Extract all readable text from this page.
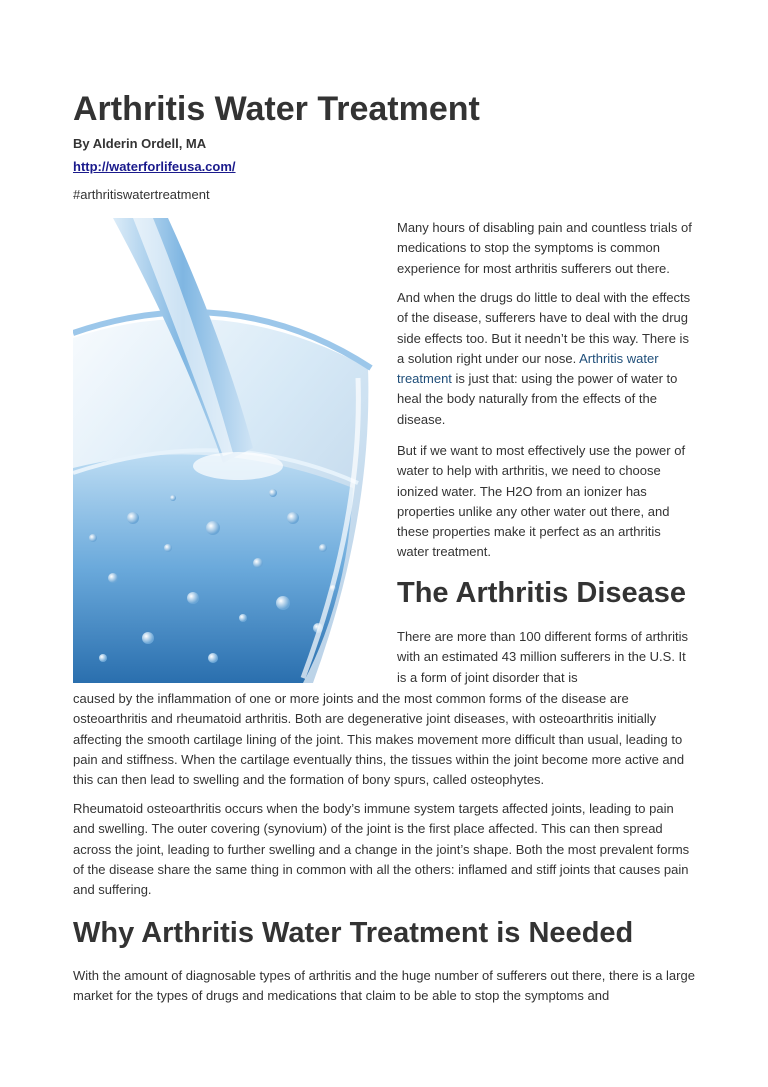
Arthritis Water Treatment
By Alderin Ordell, MA
http://waterforlifeusa.com/
#arthritiswatertreatment

Many hours of disabling pain and countless trials of medications to stop the symptoms is common experience for most arthritis sufferers out there.

And when the drugs do little to deal with the effects of the disease, sufferers have to deal with the drug side effects too. But it needn’t be this way. There is a solution right under our nose. Arthritis water treatment is just that: using the power of water to heal the body naturally from the effects of the disease.

But if we want to most effectively use the power of water to help with arthritis, we need to choose ionized water. The H2O from an ionizer has properties unlike any other water out there, and these properties make it perfect as an arthritis water treatment.

The Arthritis Disease

There are more than 100 different forms of arthritis with an estimated 43 million sufferers in the U.S. It is a form of joint disorder that is

caused by the inflammation of one or more joints and the most common forms of the disease are osteoarthritis and rheumatoid arthritis. Both are degenerative joint diseases, with osteoarthritis initially affecting the smooth cartilage lining of the joint. This makes movement more difficult than usual, leading to pain and stiffness. When the cartilage eventually thins, the tissues within the joint become more active and this can then lead to swelling and the formation of bony spurs, called osteophytes.

Rheumatoid osteoarthritis occurs when the body’s immune system targets affected joints, leading to pain and swelling. The outer covering (synovium) of the joint is the first place affected. This can then spread across the joint, leading to further swelling and a change in the joint’s shape. Both the most prevalent forms of the disease share the same thing in common with all the others: inflamed and stiff joints that causes pain and suffering.

Why Arthritis Water Treatment is Needed

With the amount of diagnosable types of arthritis and the huge number of sufferers out there, there is a large market for the types of drugs and medications that claim to be able to stop the symptoms and
